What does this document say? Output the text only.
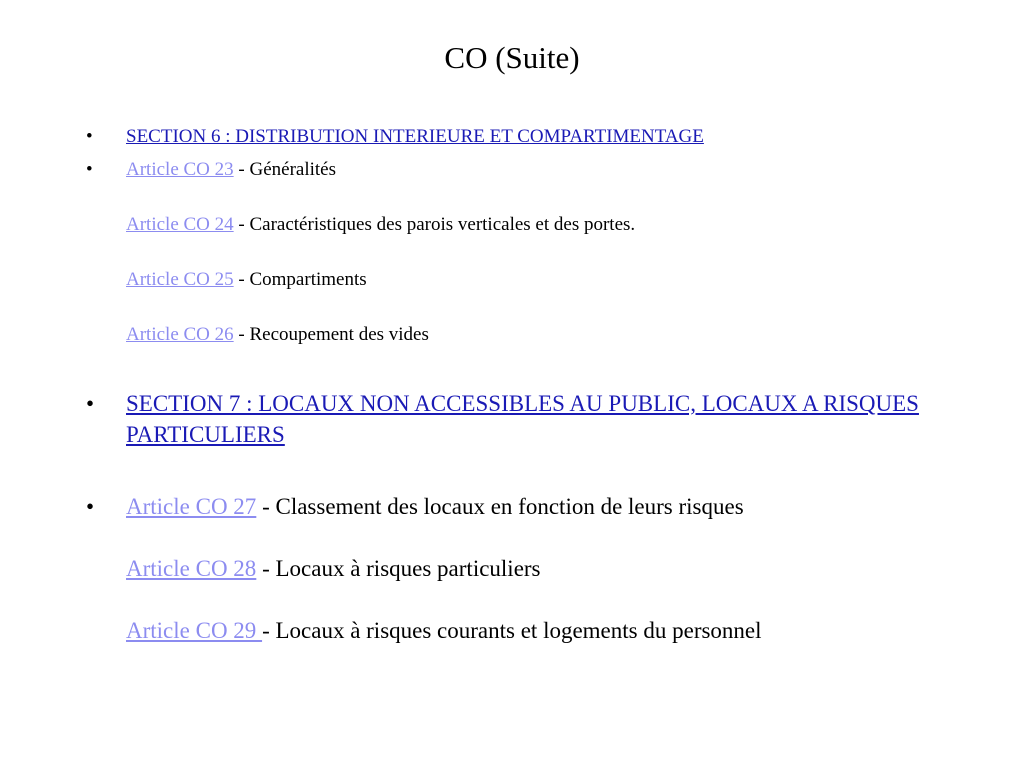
CO (Suite)
• SECTION 6 : DISTRIBUTION INTERIEURE ET COMPARTIMENTAGE
• Article CO 23 - Généralités
Article CO 24 - Caractéristiques des parois verticales et des portes.
Article CO 25 - Compartiments
Article CO 26 - Recoupement des vides
• SECTION 7 : LOCAUX NON ACCESSIBLES AU PUBLIC, LOCAUX A RISQUES PARTICULIERS
• Article CO 27 - Classement des locaux en fonction de leurs risques
Article CO 28 - Locaux à risques particuliers
Article CO 29 - Locaux à risques courants et logements du personnel
